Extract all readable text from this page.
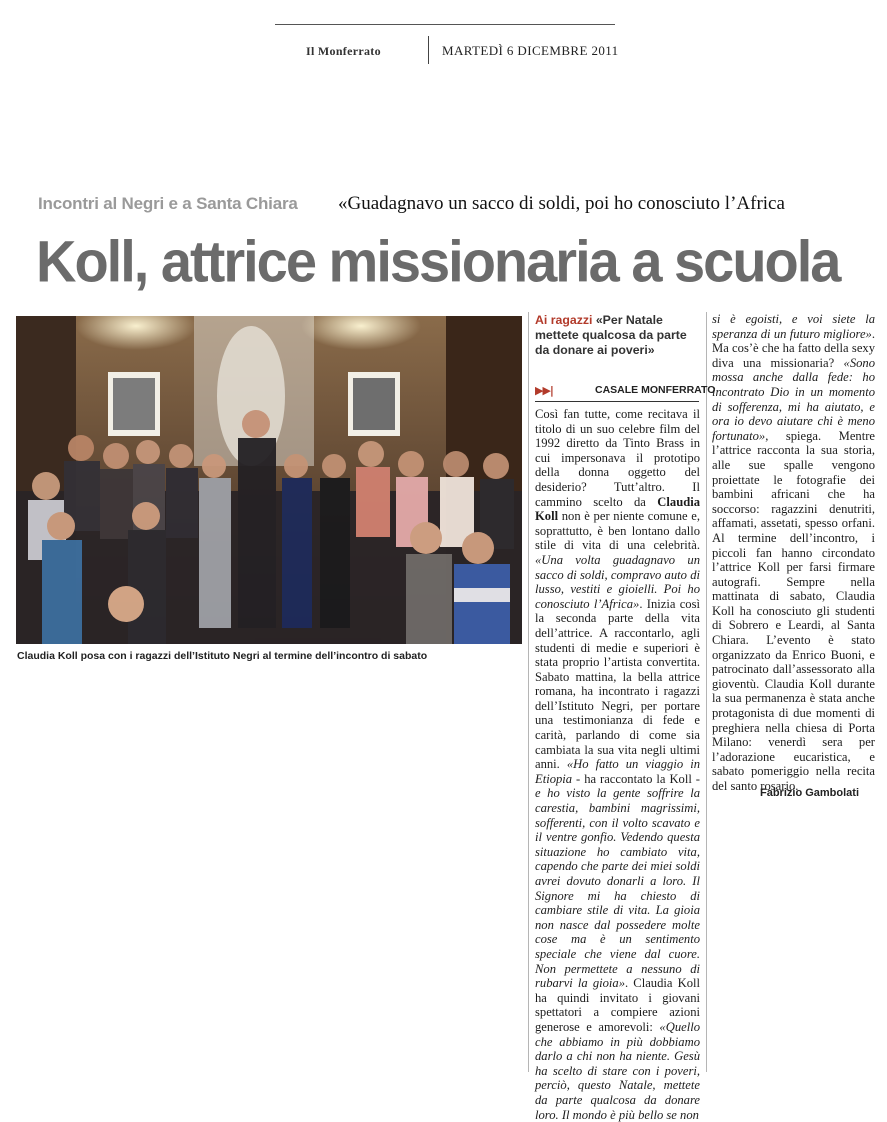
Il Monferrato	MARTEDÌ 6 DICEMBRE 2011
Incontri al Negri e a Santa Chiara «Guadagnavo un sacco di soldi, poi ho conosciuto l’Africa
Koll, attrice missionaria a scuola
Claudia Koll posa con i ragazzi dell’Istituto Negri al termine dell’incontro di sabato
Ai ragazzi «Per Natale mettete qualcosa da parte da donare ai poveri»
▶▶|	CASALE MONFERRATO

Così fan tutte, come recitava il titolo di un suo celebre film del 1992 diretto da Tinto Brass in cui impersonava il prototipo della donna oggetto del desiderio? Tutt’altro. Il cammino scelto da Claudia Koll non è per niente comune e, soprattutto, è ben lontano dallo stile di vita di una celebrità. «Una volta guadagnavo un sacco di soldi, compravo auto di lusso, vestiti e gioielli. Poi ho conosciuto l’Africa». Inizia così la seconda parte della vita dell’attrice. A raccontarlo, agli studenti di medie e superiori è stata proprio l’artista convertita. Sabato mattina, la bella attrice romana, ha incontrato i ragazzi dell’Istituto Negri, per portare una testimonianza di fede e carità, parlando di come sia cambiata la sua vita negli ultimi anni. «Ho fatto un viaggio in Etiopia - ha raccontato la Koll - e ho visto la gente soffrire la carestia, bambini magrissimi, sofferenti, con il volto scavato e il ventre gonfio. Vedendo questa situazione ho cambiato vita, capendo che parte dei miei soldi avrei dovuto donarli a loro. Il Signore mi ha chiesto di cambiare stile di vita. La gioia non nasce dal possedere molte cose ma è un sentimento speciale che viene dal cuore. Non permettete a nessuno di rubarvi la gioia». Claudia Koll ha quindi invitato i giovani spettatori a compiere azioni generose e amorevoli: «Quello che abbiamo in più dobbiamo darlo a chi non ha niente. Gesù ha scelto di stare con i poveri, perciò, questo Natale, mettete da parte qualcosa da donare loro. Il mondo è più bello se non

si è egoisti, e voi siete la speranza di un futuro migliore». Ma cos’è che ha fatto della sexy diva una missionaria? «Sono mossa anche dalla fede: ho incontrato Dio in un momento di sofferenza, mi ha aiutato, e ora io devo aiutare chi è meno fortunato», spiega. Mentre l’attrice racconta la sua storia, alle sue spalle vengono proiettate le fotografie dei bambini africani che ha soccorso: ragazzini denutriti, affamati, assetati, spesso orfani. Al termine dell’incontro, i piccoli fan hanno circondato l’attrice Koll per farsi firmare autografi. Sempre nella mattinata di sabato, Claudia Koll ha conosciuto gli studenti di Sobrero e Leardi, al Santa Chiara. L’evento è stato organizzato da Enrico Buoni, e patrocinato dall’assessorato alla gioventù. Claudia Koll durante la sua permanenza è stata anche protagonista di due momenti di preghiera nella chiesa di Porta Milano: venerdì sera per l’adorazione eucaristica, e sabato pomeriggio nella recita del santo rosario.

Fabrizio Gambolati
